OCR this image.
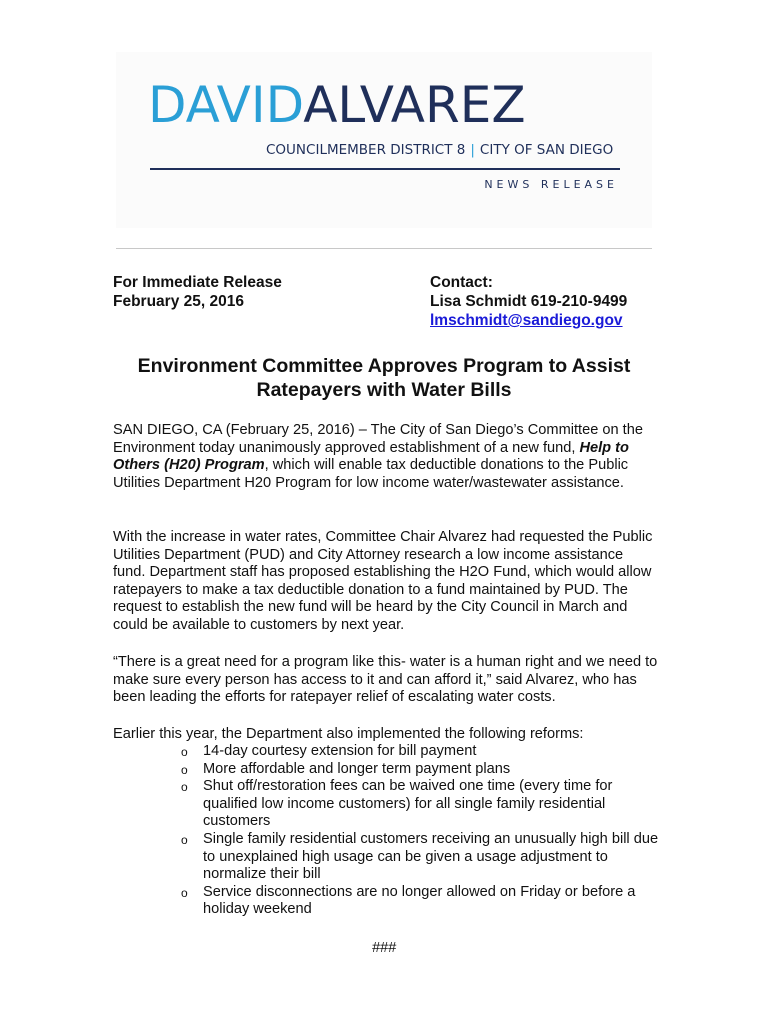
DAVIDALVAREZ
COUNCILMEMBER DISTRICT 8 | CITY OF SAN DIEGO
NEWS RELEASE
For Immediate Release
February 25, 2016
Contact:
Lisa Schmidt 619-210-9499
lmschmidt@sandiego.gov
Environment Committee Approves Program to Assist
Ratepayers with Water Bills

SAN DIEGO, CA (February 25, 2016) – The City of San Diego’s Committee on the Environment today unanimously approved establishment of a new fund, Help to Others (H20) Program, which will enable tax deductible donations to the Public Utilities Department H20 Program for low income water/wastewater assistance.

With the increase in water rates, Committee Chair Alvarez had requested the Public Utilities Department (PUD) and City Attorney research a low income assistance fund. Department staff has proposed establishing the H2O Fund, which would allow ratepayers to make a tax deductible donation to a fund maintained by PUD. The request to establish the new fund will be heard by the City Council in March and could be available to customers by next year.

“There is a great need for a program like this- water is a human right and we need to make sure every person has access to it and can afford it,” said Alvarez, who has been leading the efforts for ratepayer relief of escalating water costs.

Earlier this year, the Department also implemented the following reforms:

o 14-day courtesy extension for bill payment
o More affordable and longer term payment plans
o Shut off/restoration fees can be waived one time (every time for qualified low income customers) for all single family residential customers
o Single family residential customers receiving an unusually high bill due to unexplained high usage can be given a usage adjustment to normalize their bill
o Service disconnections are no longer allowed on Friday or before a holiday weekend
###
